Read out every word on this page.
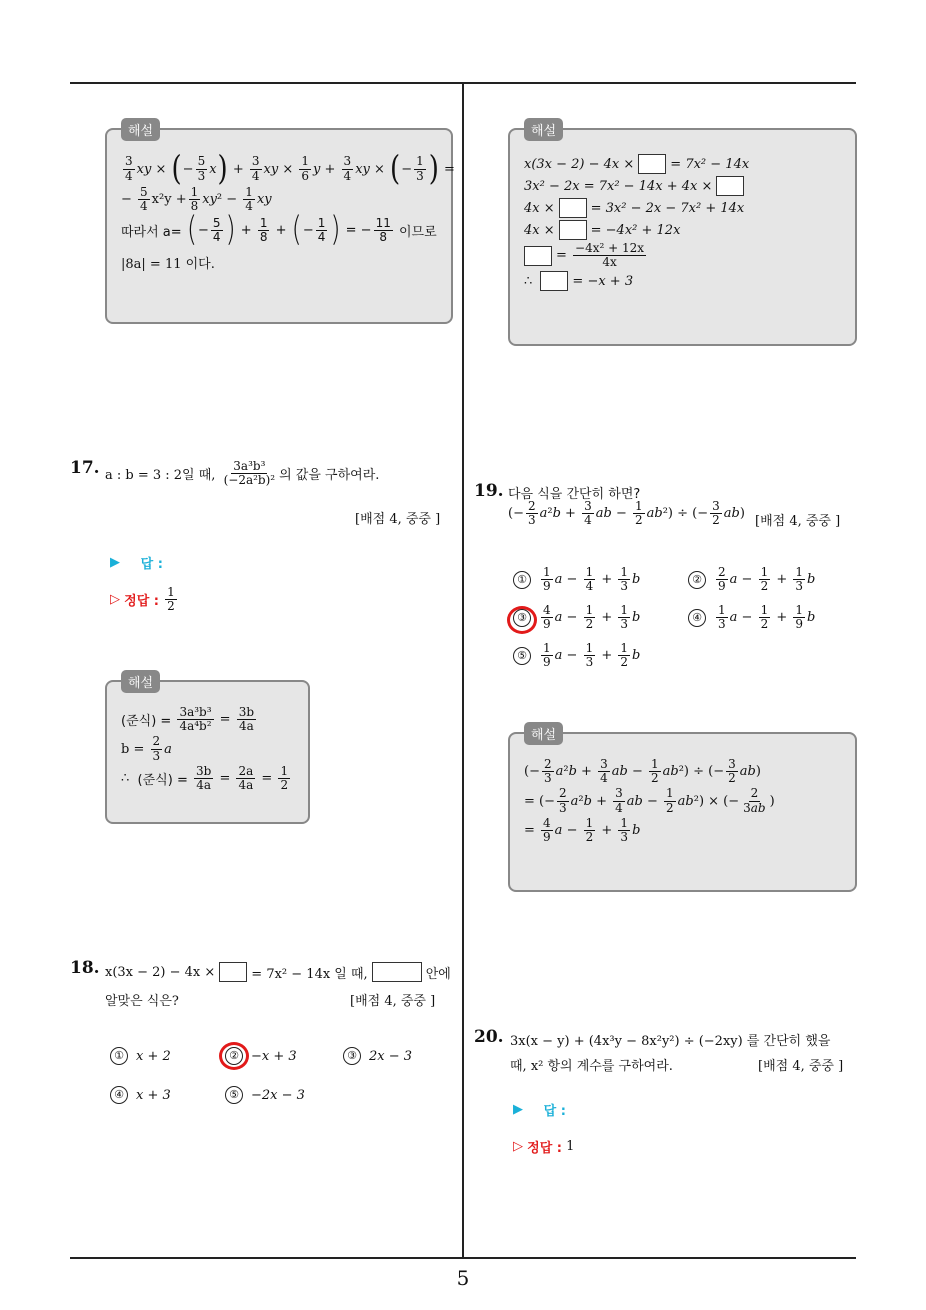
해설
$\frac{3}{4}$ xy × ( − $\frac{5}{3}$ x ) + $\frac{3}{4}$ xy × $\frac{1}{6}$ $y + \frac{3}{4}$ xy × ( − $\frac{1}{3}$ ) =
− $\frac{5}{4} x^2y + \frac{1}{8}$ xy $^2 - \frac{1}{4}$ xy
따라서 a=
( − $\frac{5}{4}$ ) + $\frac{1}{8}$ + ( − $\frac{1}{4}$ ) = − $\frac{11}{8}$
이므로
|8a| = 11 이다.
17. a : b = 3 : 2일 때,
$\frac{\text{3a³b³}}{\text{(−2a²b)²}}$ 의 값을 구하여라.
[배점 4, 중중 ]
▶
답 :
▷
정답 :
$\frac{1}{2}$
해설
(준식) =
$\frac{\text{3a³b³}}{\text{4a⁴b²}} = \frac{3b}{4a}$
b =
$\frac{2}{3}$ a
∴
(준식) =
$\frac{3b}{4a} = \frac{2a}{4a} = \frac{1}{2}$
18. x(3x − 2) − 4x ×	= 7x² − 14x 일 때,	안에
알맞은 식은?	[배점 4, 중중 ]
① x + 2	② −x + 3	③ 2x − 3
④ x + 3	⑤ −2x − 3
해설
x(3x − 2) − 4x ×	= 7x² − 14x
3x² − 2x = 7x² − 14x + 4x ×
4x ×	= 3x² − 2x − 7x² + 14x
4x ×	= −4x² + 12x
=
$\frac{\text{−4x² + 12x}}{4x}$
∴
	= −x + 3
19. 다음 식을 간단히 하면?
(− $\frac{2}{3}$ a ² $b + \frac{3}{4}$ ab − $\frac{1}{2}$ ab ²) ÷ (− $\frac{3}{2}$ ab )
[배점 4, 중중 ]
①	$\frac{1}{9}$ $a - \frac{1}{4} + \frac{1}{3}$ b	②	$\frac{2}{9}$ $a - \frac{1}{2} + \frac{1}{3}$ b
③	$\frac{4}{9}$ $a - \frac{1}{2} + \frac{1}{3}$ b	④	$\frac{1}{3}$ $a - \frac{1}{2} + \frac{1}{9}$ b
⑤	$\frac{1}{9}$ $a - \frac{1}{3} + \frac{1}{2}$ b
해설
(− $\frac{2}{3}$ a ² $b + \frac{3}{4}$ ab − $\frac{1}{2}$ ab ²) ÷ (− $\frac{3}{2}$ ab )
= (− $\frac{2}{3}$ a ² $b + \frac{3}{4}$ ab − $\frac{1}{2}$ ab ²) × (− $\frac{2}{3ab}$ )
= $\frac{4}{9}$ $a - \frac{1}{2} + \frac{1}{3}$ b
20. 3x(x − y) + (4x³y − 8x²y²) ÷ (−2xy) 를 간단히 했을
때, x² 항의 계수를 구하여라.	[배점 4, 중중 ]
▶
답 :
▷
정답 :
1
5
